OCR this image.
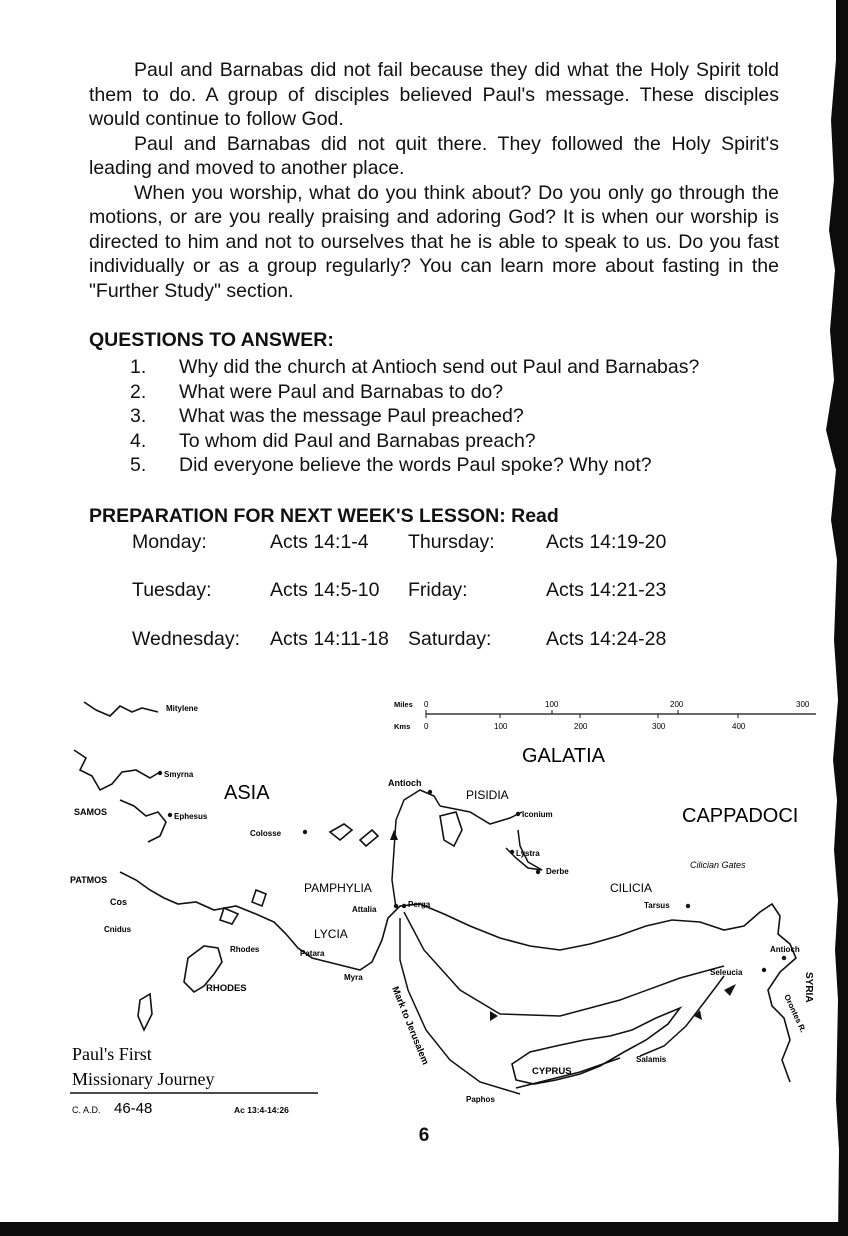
Paul and Barnabas did not fail because they did what the Holy Spirit told them to do. A group of disciples believed Paul's message. These disciples would continue to follow God.

Paul and Barnabas did not quit there. They followed the Holy Spirit's leading and moved to another place.

When you worship, what do you think about? Do you only go through the motions, or are you really praising and adoring God? It is when our worship is directed to him and not to ourselves that he is able to speak to us. Do you fast individually or as a group regularly? You can learn more about fasting in the "Further Study" section.

QUESTIONS TO ANSWER:
1.	Why did the church at Antioch send out Paul and Barnabas?
2.	What were Paul and Barnabas to do?
3.	What was the message Paul preached?
4.	To whom did Paul and Barnabas preach?
5.	Did everyone believe the words Paul spoke? Why not?
PREPARATION FOR NEXT WEEK'S LESSON: Read
Monday:	Acts 14:1-4 Thursday:	Acts 14:19-20
Tuesday:	Acts 14:5-10 Friday:	Acts 14:21-23
Wednesday: Acts 14:11-18 Saturday:	Acts 14:24-28
Miles
Kms
0	100	200	300
0	100	200	300	400
GALATIA
ASIA
CAPPADOCI
PISIDIA
PAMPHYLIA
LYCIA
CILICIA
CYPRUS
SAMOS
PATMOS
RHODES	SYRIA
Mitylene
Smyrna
Ephesus
Colosse
Antioch
Iconium
Lystra
Derbe
Cilician Gates
Tarsus
Attalia
Perga
Cos
Cnidus
Rhodes	Patara
Myra
Antioch
Seleucia
Salamis
Paphos
Orontes R.
Mark to Jerusalem
Paul's First
Missionary Journey
C. A.D. 46-48	Ac 13:4-14:26
6
